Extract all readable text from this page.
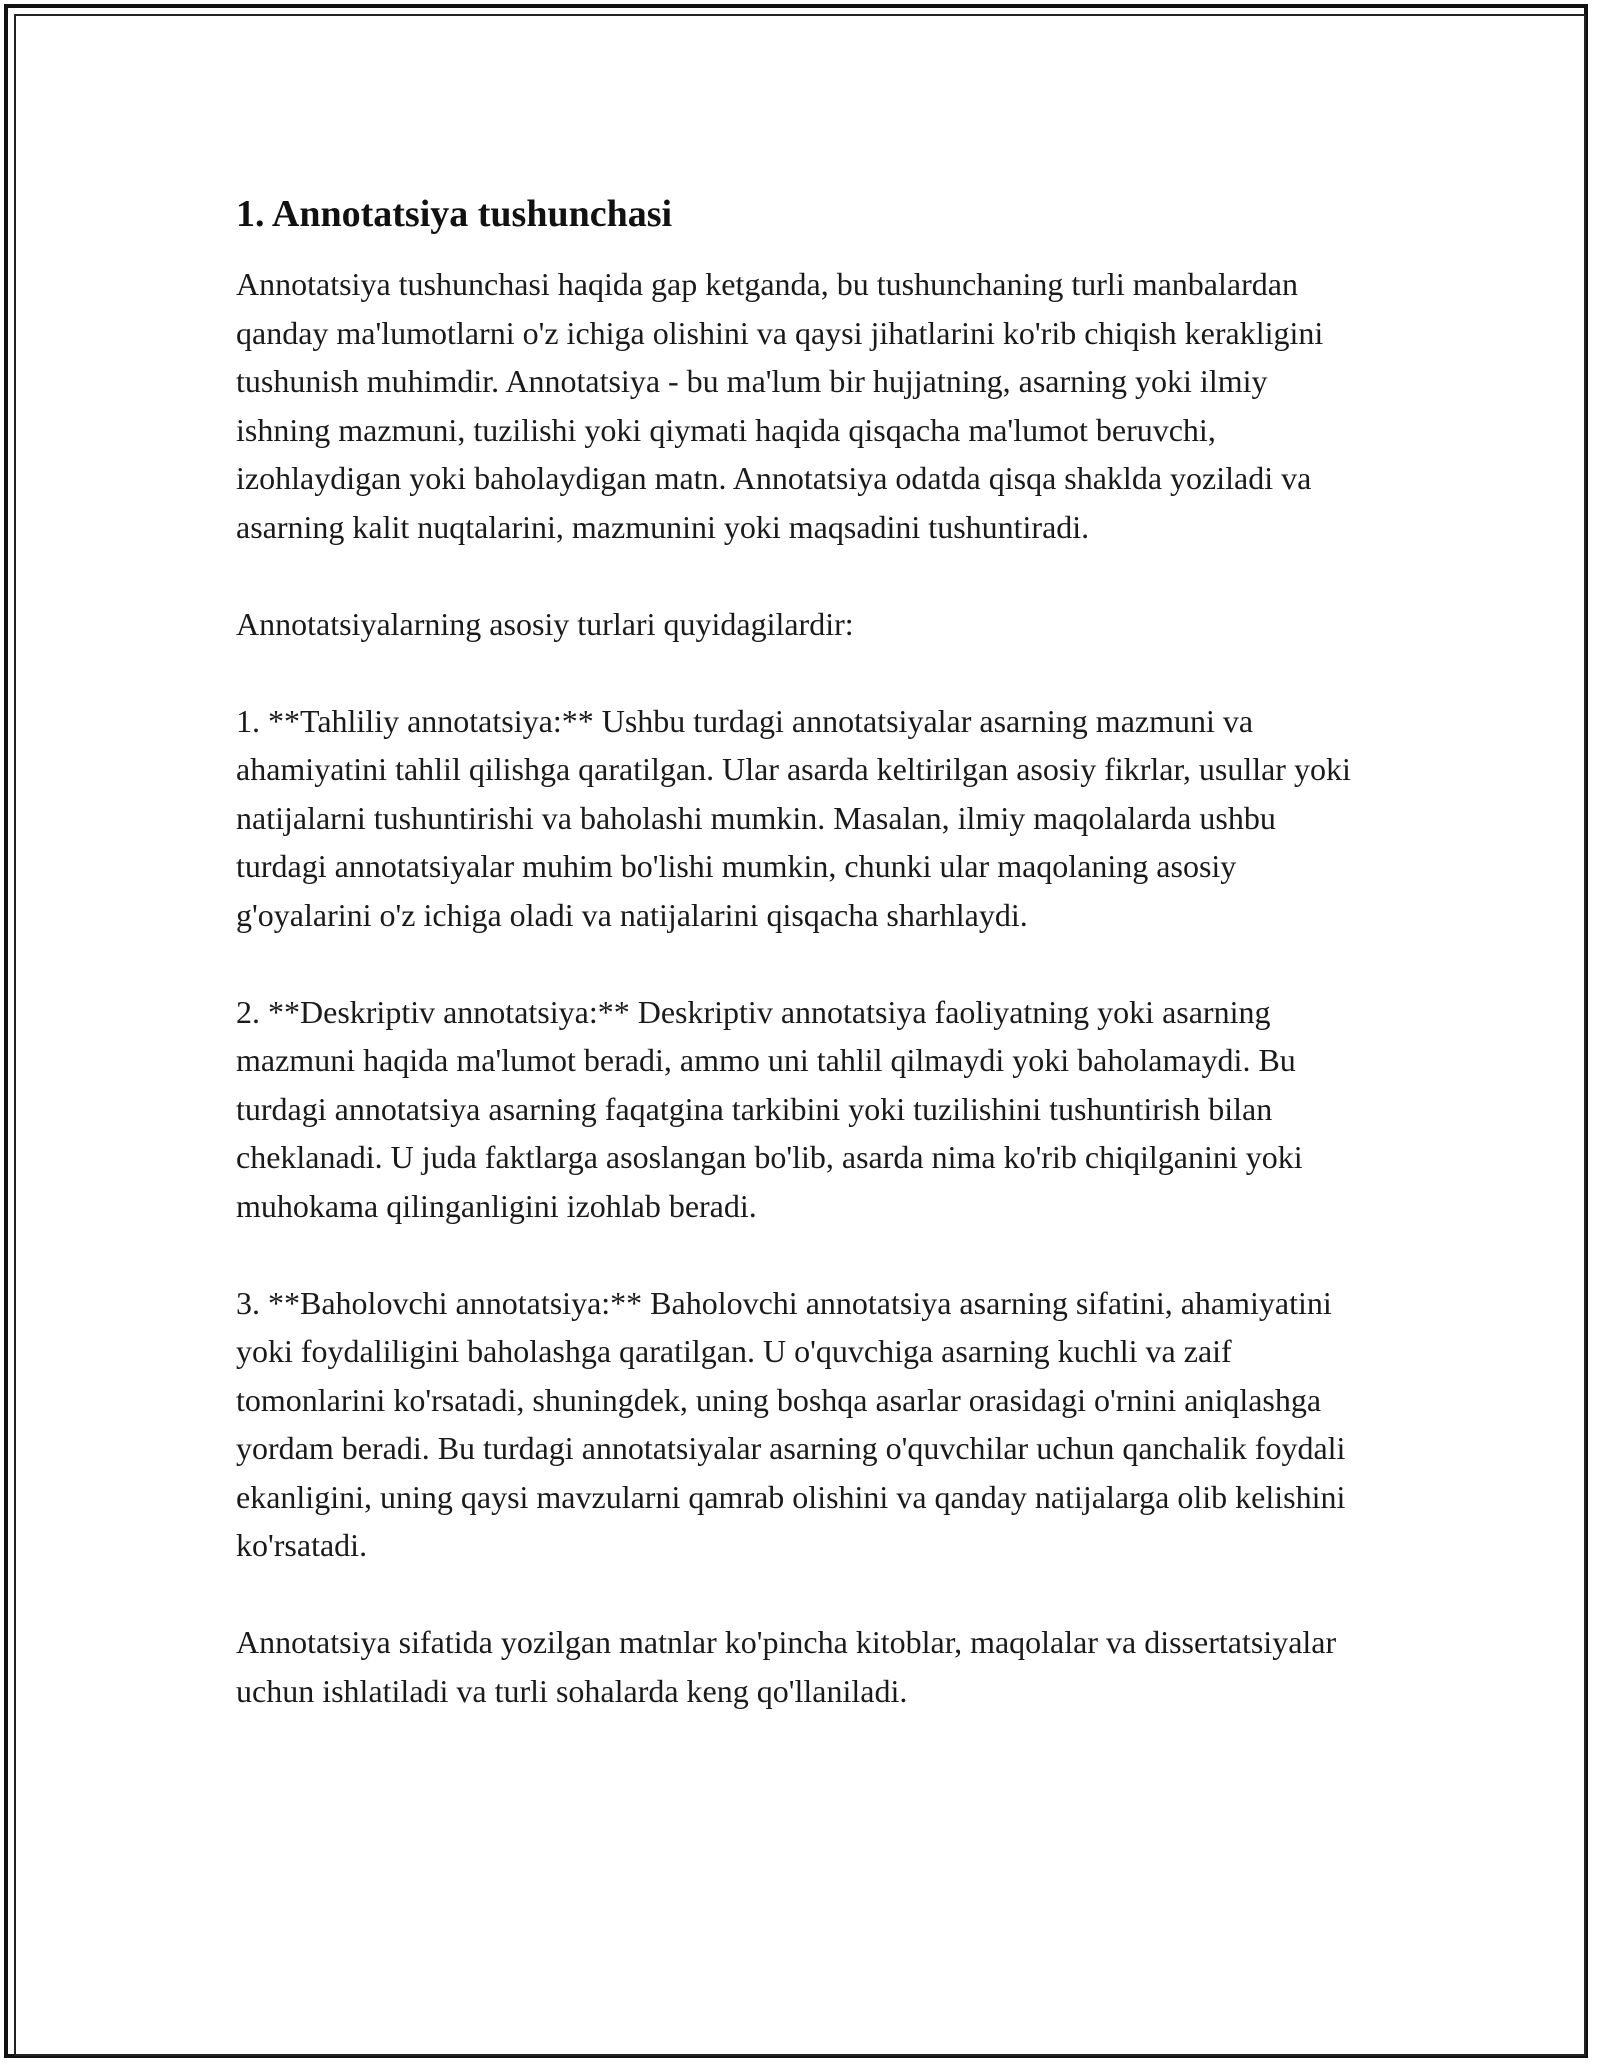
1. Annotatsiya tushunchasi

Annotatsiya tushunchasi haqida gap ketganda, bu tushunchaning turli manbalardan qanday ma'lumotlarni o'z ichiga olishini va qaysi jihatlarini ko'rib chiqish kerakligini tushunish muhimdir. Annotatsiya - bu ma'lum bir hujjatning, asarning yoki ilmiy ishning mazmuni, tuzilishi yoki qiymati haqida qisqacha ma'lumot beruvchi, izohlaydigan yoki baholaydigan matn. Annotatsiya odatda qisqa shaklda yoziladi va asarning kalit nuqtalarini, mazmunini yoki maqsadini tushuntiradi.

Annotatsiyalarning asosiy turlari quyidagilardir:

1. **Tahliliy annotatsiya:** Ushbu turdagi annotatsiyalar asarning mazmuni va ahamiyatini tahlil qilishga qaratilgan. Ular asarda keltirilgan asosiy fikrlar, usullar yoki natijalarni tushuntirishi va baholashi mumkin. Masalan, ilmiy maqolalarda ushbu turdagi annotatsiyalar muhim bo'lishi mumkin, chunki ular maqolaning asosiy g'oyalarini o'z ichiga oladi va natijalarini qisqacha sharhlaydi.

2. **Deskriptiv annotatsiya:** Deskriptiv annotatsiya faoliyatning yoki asarning mazmuni haqida ma'lumot beradi, ammo uni tahlil qilmaydi yoki baholamaydi. Bu turdagi annotatsiya asarning faqatgina tarkibini yoki tuzilishini tushuntirish bilan cheklanadi. U juda faktlarga asoslangan bo'lib, asarda nima ko'rib chiqilganini yoki muhokama qilinganligini izohlab beradi.

3. **Baholovchi annotatsiya:** Baholovchi annotatsiya asarning sifatini, ahamiyatini yoki foydaliligini baholashga qaratilgan. U o'quvchiga asarning kuchli va zaif tomonlarini ko'rsatadi, shuningdek, uning boshqa asarlar orasidagi o'rnini aniqlashga yordam beradi. Bu turdagi annotatsiyalar asarning o'quvchilar uchun qanchalik foydali ekanligini, uning qaysi mavzularni qamrab olishini va qanday natijalarga olib kelishini ko'rsatadi.

Annotatsiya sifatida yozilgan matnlar ko'pincha kitoblar, maqolalar va dissertatsiyalar uchun ishlatiladi va turli sohalarda keng qo'llaniladi.
